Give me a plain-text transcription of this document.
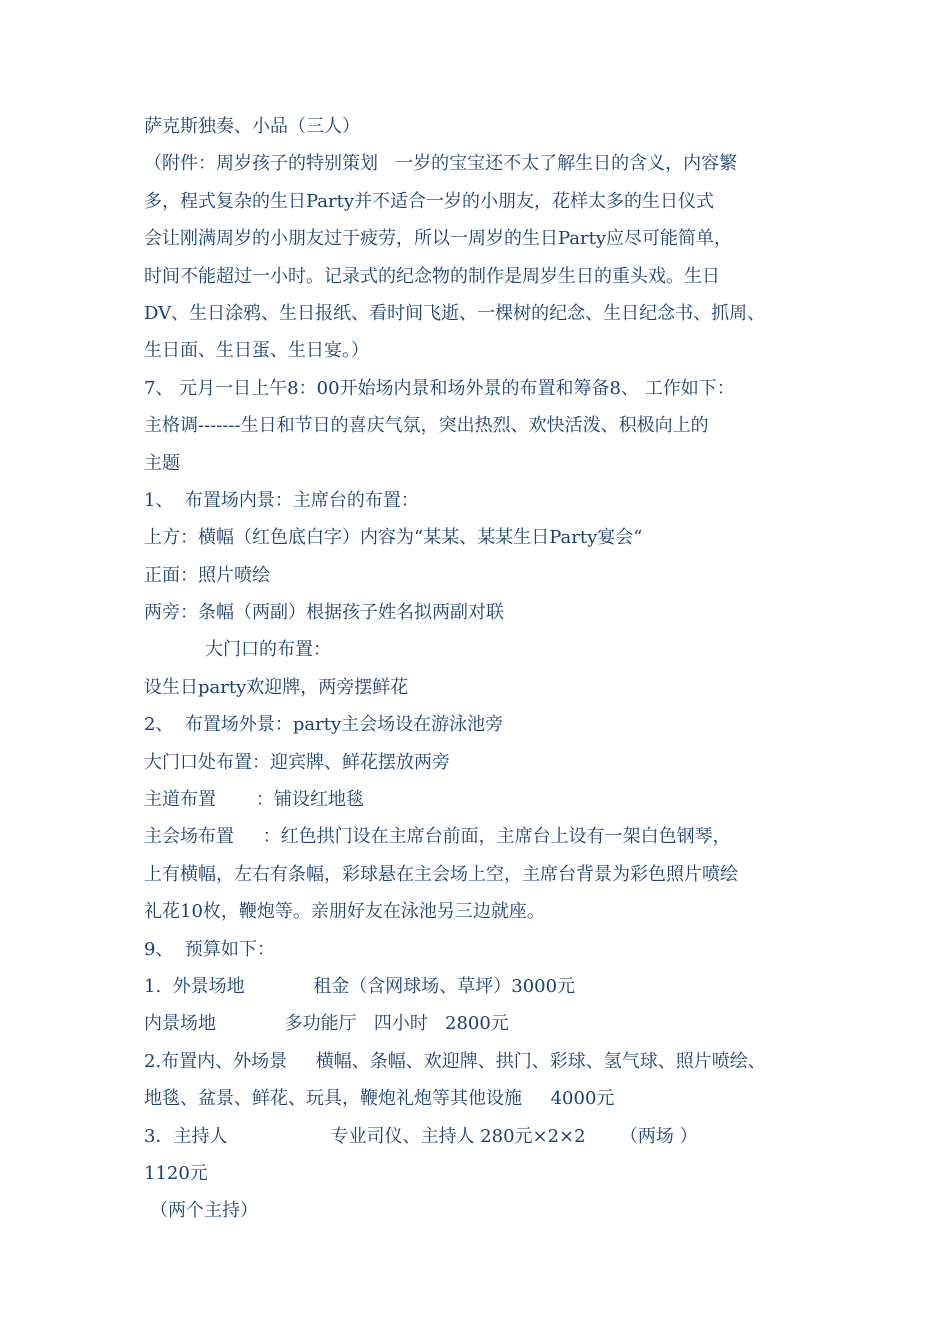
萨克斯独奏、小品（三人）
（附件：周岁孩子的特别策划   一岁的宝宝还不太了解生日的含义，内容繁
多，程式复杂的生日Party并不适合一岁的小朋友，花样太多的生日仪式
会让刚满周岁的小朋友过于疲劳，所以一周岁的生日Party应尽可能简单，
时间不能超过一小时。记录式的纪念物的制作是周岁生日的重头戏。生日
DV、生日涂鸦、生日报纸、看时间飞逝、一棵树的纪念、生日纪念书、抓周、
生日面、生日蛋、生日宴。）
7、 元月一日上午8：00开始场内景和场外景的布置和筹备8、 工作如下：
主格调-------生日和节日的喜庆气氛，突出热烈、欢快活泼、积极向上的
主题
1、  布置场内景：主席台的布置：
上方：横幅（红色底白字）内容为“某某、某某生日Party宴会“
正面：照片喷绘
两旁：条幅（两副）根据孩子姓名拟两副对联
大门口的布置：
设生日party欢迎牌，两旁摆鲜花
2、  布置场外景：party主会场设在游泳池旁
大门口处布置：迎宾牌、鲜花摆放两旁
主道布置       ：铺设红地毯
主会场布置     ：红色拱门设在主席台前面，主席台上设有一架白色钢琴，
上有横幅，左右有条幅，彩球悬在主会场上空，主席台背景为彩色照片喷绘
礼花10枚，鞭炮等。亲朋好友在泳池另三边就座。
9、  预算如下：
1.  外景场地            租金（含网球场、草坪）3000元
内景场地            多功能厅   四小时   2800元
2.布置内、外场景     横幅、条幅、欢迎牌、拱门、彩球、氢气球、照片喷绘、
地毯、盆景、鲜花、玩具，鞭炮礼炮等其他设施     4000元
3．主持人                  专业司仪、主持人 280元×2×2      （两场 ）
1120元
（两个主持）
